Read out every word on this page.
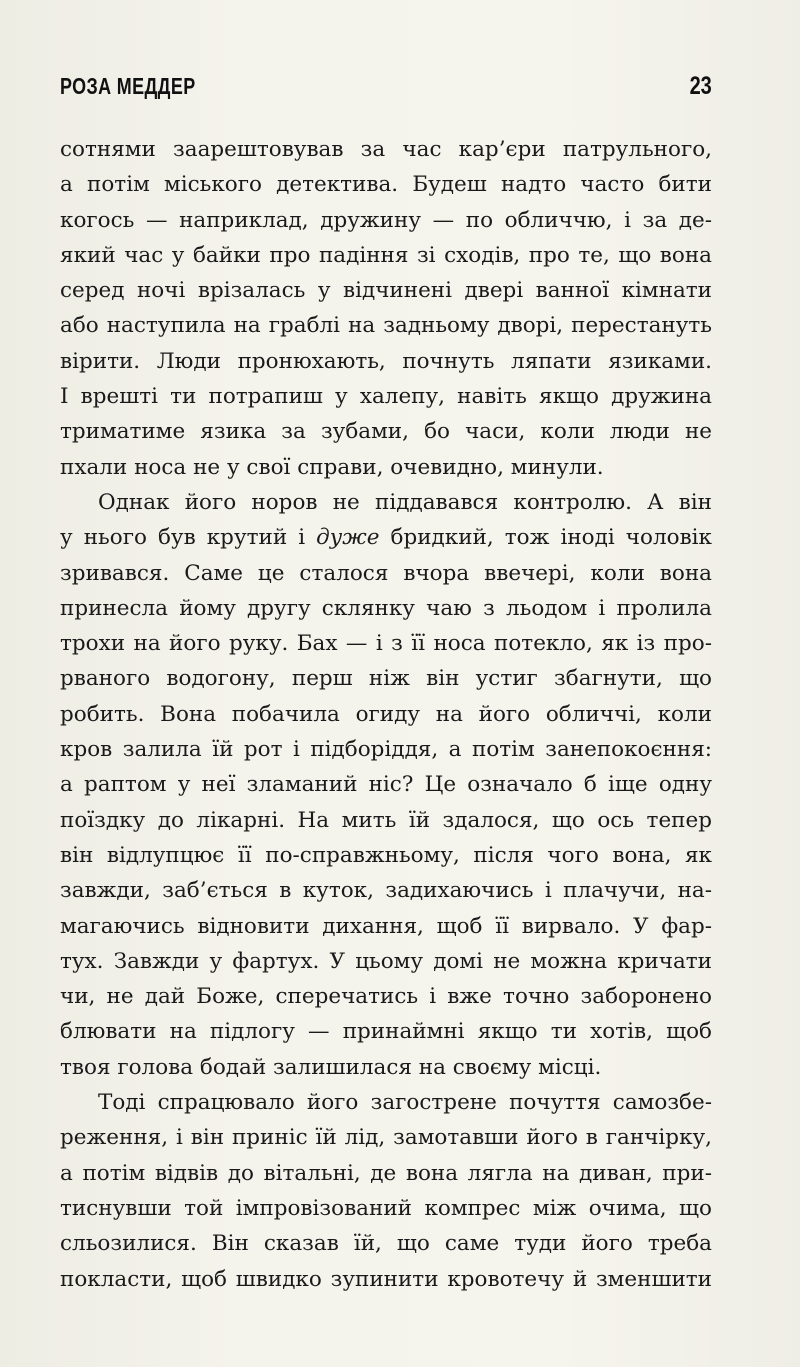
РОЗА МЕДДЕР	23
сотнями заарештовував за час кар’єри патрульного,
а потім міського детектива. Будеш надто часто бити
когось — наприклад, дружину — по обличчю, і за де-
який час у байки про падіння зі сходів, про те, що вона
серед ночі врізалась у відчинені двері ванної кімнати
або наступила на граблі на задньому дворі, перестануть
вірити. Люди пронюхають, почнуть ляпати язиками.
І врешті ти потрапиш у халепу, навіть якщо дружина
триматиме язика за зубами, бо часи, коли люди не
пхали носа не у свої справи, очевидно, минули.
Однак його норов не піддавався контролю. А він
у нього був крутий і дуже бридкий, тож іноді чоловік
зривався. Саме це сталося вчора ввечері, коли вона
принесла йому другу склянку чаю з льодом і пролила
трохи на його руку. Бах — і з її носа потекло, як із про-
рваного водогону, перш ніж він устиг збагнути, що
робить. Вона побачила огиду на його обличчі, коли
кров залила їй рот і підборіддя, а потім занепокоєння:
а раптом у неї зламаний ніс? Це означало б іще одну
поїздку до лікарні. На мить їй здалося, що ось тепер
він відлупцює її по-справжньому, після чого вона, як
завжди, заб’ється в куток, задихаючись і плачучи, на-
магаючись відновити дихання, щоб її вирвало. У фар-
тух. Завжди у фартух. У цьому домі не можна кричати
чи, не дай Боже, сперечатись і вже точно заборонено
блювати на підлогу — принаймні якщо ти хотів, щоб
твоя голова бодай залишилася на своєму місці.
Тоді спрацювало його загострене почуття самозбе-
реження, і він приніс їй лід, замотавши його в ганчірку,
а потім відвів до вітальні, де вона лягла на диван, при-
тиснувши той імпровізований компрес між очима, що
сльозилися. Він сказав їй, що саме туди його треба
покласти, щоб швидко зупинити кровотечу й зменшити
